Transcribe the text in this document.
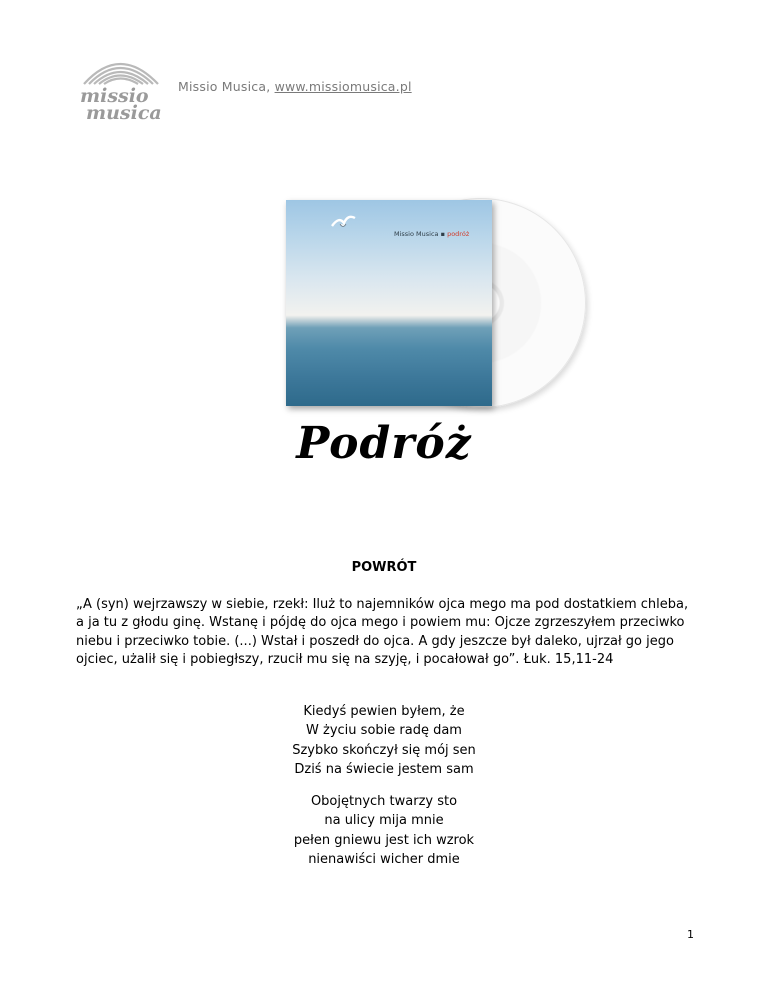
missio
musica
Missio Musica, www.missiomusica.pl
Missio Musica ▪ podróż
Podróż
POWRÓT
„A (syn) wejrzawszy w siebie, rzekł: Iluż to najemników ojca mego ma pod dostatkiem chleba, a ja tu z głodu ginę. Wstanę i pójdę do ojca mego i powiem mu: Ojcze zgrzeszyłem przeciwko niebu i przeciwko tobie. (...) Wstał i poszedł do ojca. A gdy jeszcze był daleko, ujrzał go jego ojciec, użalił się i pobiegłszy, rzucił mu się na szyję, i pocałował go”. Łuk. 15,11-24
Kiedyś pewien byłem, że
W życiu sobie radę dam
Szybko skończył się mój sen
Dziś na świecie jestem sam
Obojętnych twarzy sto
na ulicy mija mnie
pełen gniewu jest ich wzrok
nienawiści wicher dmie
1
